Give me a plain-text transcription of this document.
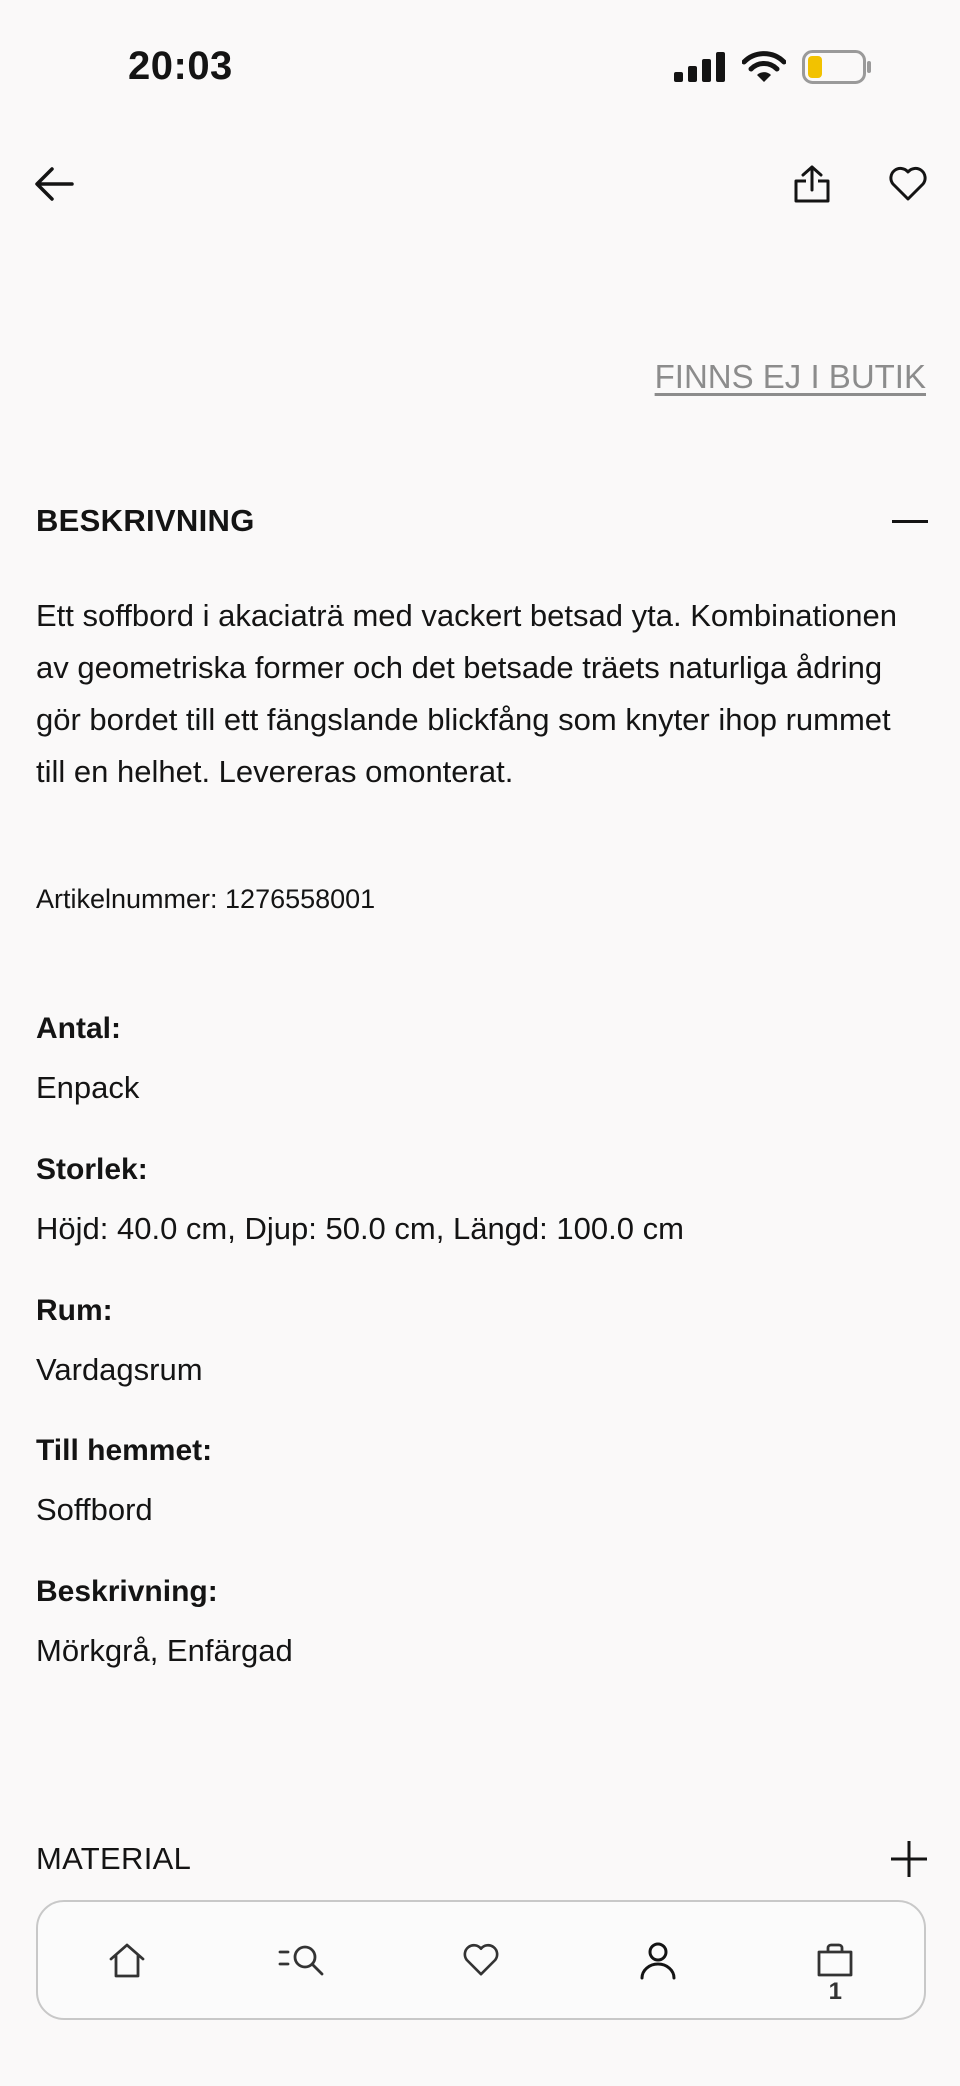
20:03
FINNS EJ I BUTIK
BESKRIVNING
Ett soffbord i akaciaträ med vackert betsad yta. Kombinationen av geometriska former och det betsade träets naturliga ådring gör bordet till ett fängslande blickfång som knyter ihop rummet till en helhet. Levereras omonterat.
Artikelnummer: 1276558001
Antal:
Enpack
Storlek:
Höjd: 40.0 cm, Djup: 50.0 cm, Längd: 100.0 cm
Rum:
Vardagsrum
Till hemmet:
Soffbord
Beskrivning:
Mörkgrå, Enfärgad
MATERIAL
1
